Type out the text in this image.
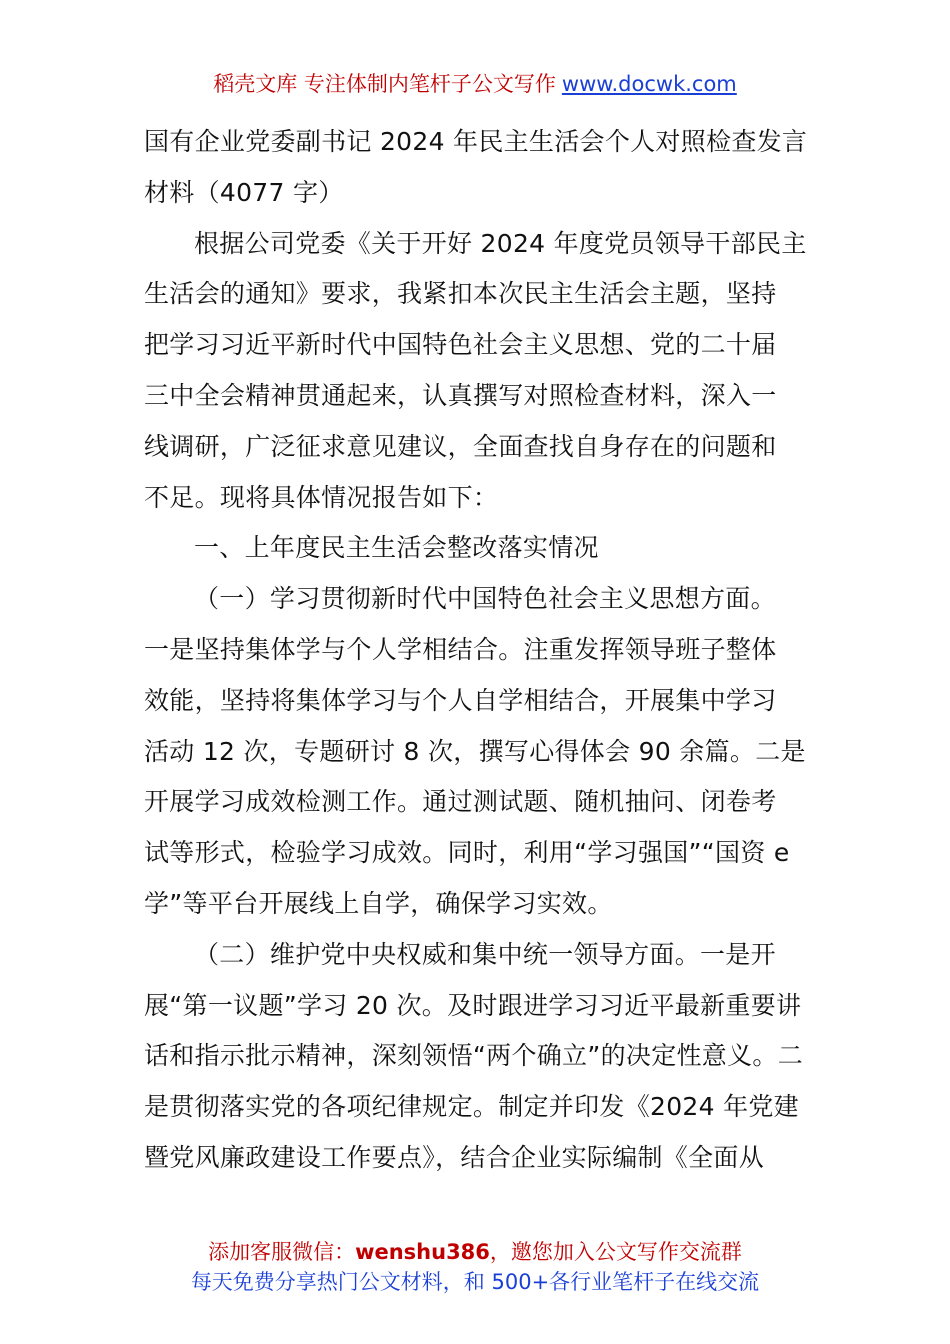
稻壳文库 专注体制内笔杆子公文写作 www.docwk.com

国有企业党委副书记 2024 年民主生活会个人对照检查发言

材料（4077 字）

根据公司党委《关于开好 2024 年度党员领导干部民主

生活会的通知》要求，我紧扣本次民主生活会主题，坚持

把学习习近平新时代中国特色社会主义思想、党的二十届

三中全会精神贯通起来，认真撰写对照检查材料，深入一

线调研，广泛征求意见建议，全面查找自身存在的问题和

不足。现将具体情况报告如下：

一、上年度民主生活会整改落实情况

（一）学习贯彻新时代中国特色社会主义思想方面。

一是坚持集体学与个人学相结合。注重发挥领导班子整体

效能，坚持将集体学习与个人自学相结合，开展集中学习

活动 12 次，专题研讨 8 次，撰写心得体会 90 余篇。二是

开展学习成效检测工作。通过测试题、随机抽问、闭卷考

试等形式，检验学习成效。同时，利用“学习强国”“国资 e

学”等平台开展线上自学，确保学习实效。

（二）维护党中央权威和集中统一领导方面。一是开

展“第一议题”学习 20 次。及时跟进学习习近平最新重要讲

话和指示批示精神，深刻领悟“两个确立”的决定性意义。二

是贯彻落实党的各项纪律规定。制定并印发《2024 年党建

暨党风廉政建设工作要点》，结合企业实际编制《全面从

添加客服微信：wenshu386，邀您加入公文写作交流群
每天免费分享热门公文材料，和 500+各行业笔杆子在线交流
